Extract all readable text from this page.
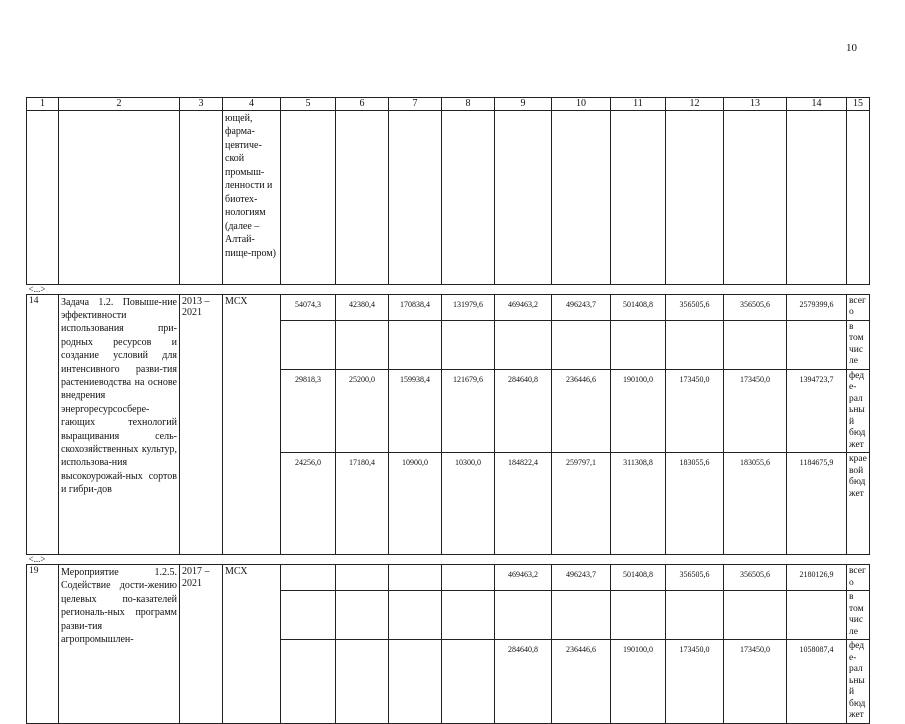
10
1	2	3	4	5	6	7	8	9	10	11	12	13	14	15
			ющей, фарма-цевтиче-ской промыш-ленности и биотех-нологиям (далее – Алтай-пище-пром)											
<...>														
14	Задача 1.2. Повыше-ние эффективности использования при-родных ресурсов и создание условий для интенсивного разви-тия растениеводства на основе внедрения энергоресурсосбере-гающих технологий выращивания сель-скохозяйственных культур, использова-ния высокоурожай-ных сортов и гибри-дов	2013 – 2021	МСХ	54074,3	42380,4	170838,4	131979,6	469463,2	496243,7	501408,8	356505,6	356505,6	2579399,6	всего
														в том числе
				29818,3	25200,0	159938,4	121679,6	284640,8	236446,6	190100,0	173450,0	173450,0	1394723,7	феде-ральный бюджет
				24256,0	17180,4	10900,0	10300,0	184822,4	259797,1	311308,8	183055,6	183055,6	1184675,9	краевой бюджет
<...>														
19	Мероприятие 1.2.5. Содействие дости-жению целевых по-казателей региональ-ных программ разви-тия агропромышлен-	2017 – 2021	МСХ					469463,2	496243,7	501408,8	356505,6	356505,6	2180126,9	всего
														в том числе
								284640,8	236446,6	190100,0	173450,0	173450,0	1058087,4	феде-ральный бюджет
